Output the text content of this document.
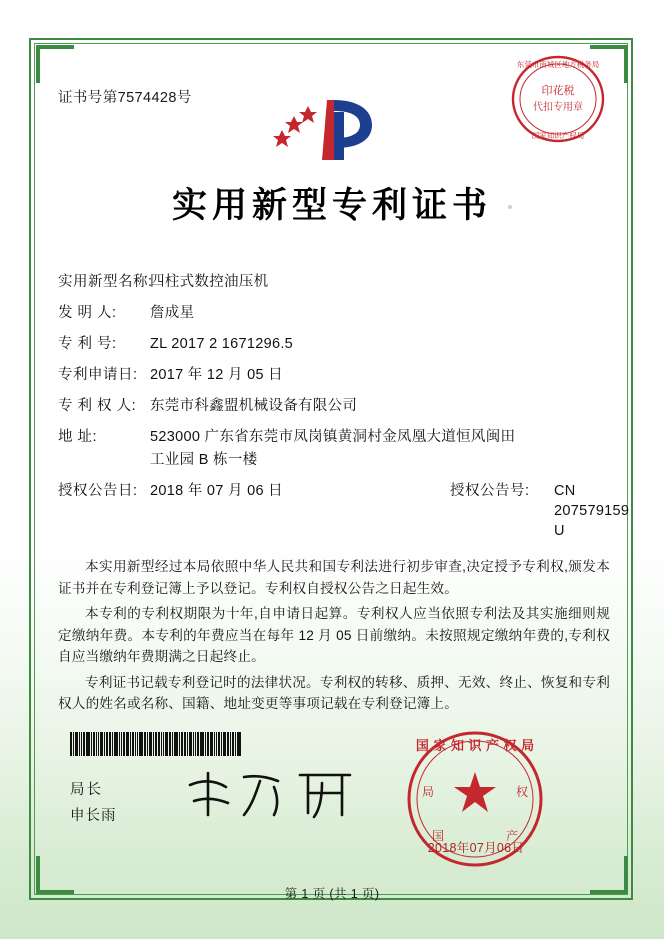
证书号第7574428号	印花税
代扣专用章
东莞市南城区地方税务局
国家知识产权局
实用新型专利证书
实用新型名称:
四柱式数控油压机
发 明 人:	詹成星
专 利 号:	ZL 2017 2 1671296.5
专利申请日: 2017 年 12 月 05 日
专 利 权 人: 东莞市科鑫盟机械设备有限公司
地 址:	523000 广东省东莞市凤岗镇黄洞村金凤凰大道恒风闽田
工业园 B 栋一楼
授权公告日: 2018 年 07 月 06 日	授权公告号:	CN 207579159 U

本实用新型经过本局依照中华人民共和国专利法进行初步审查,决定授予专利权,颁发本证书并在专利登记簿上予以登记。专利权自授权公告之日起生效。

本专利的专利权期限为十年,自申请日起算。专利权人应当依照专利法及其实施细则规定缴纳年费。本专利的年费应当在每年 12 月 05 日前缴纳。未按照规定缴纳年费的,专利权自应当缴纳年费期满之日起终止。

专利证书记载专利登记时的法律状况。专利权的转移、质押、无效、终止、恢复和专利权人的姓名或名称、国籍、地址变更等事项记载在专利登记簿上。

局长
申长雨
国 家 知 识 产 权 局
局	权
国	产
2018年07月06日
第 1 页 (共 1 页)
